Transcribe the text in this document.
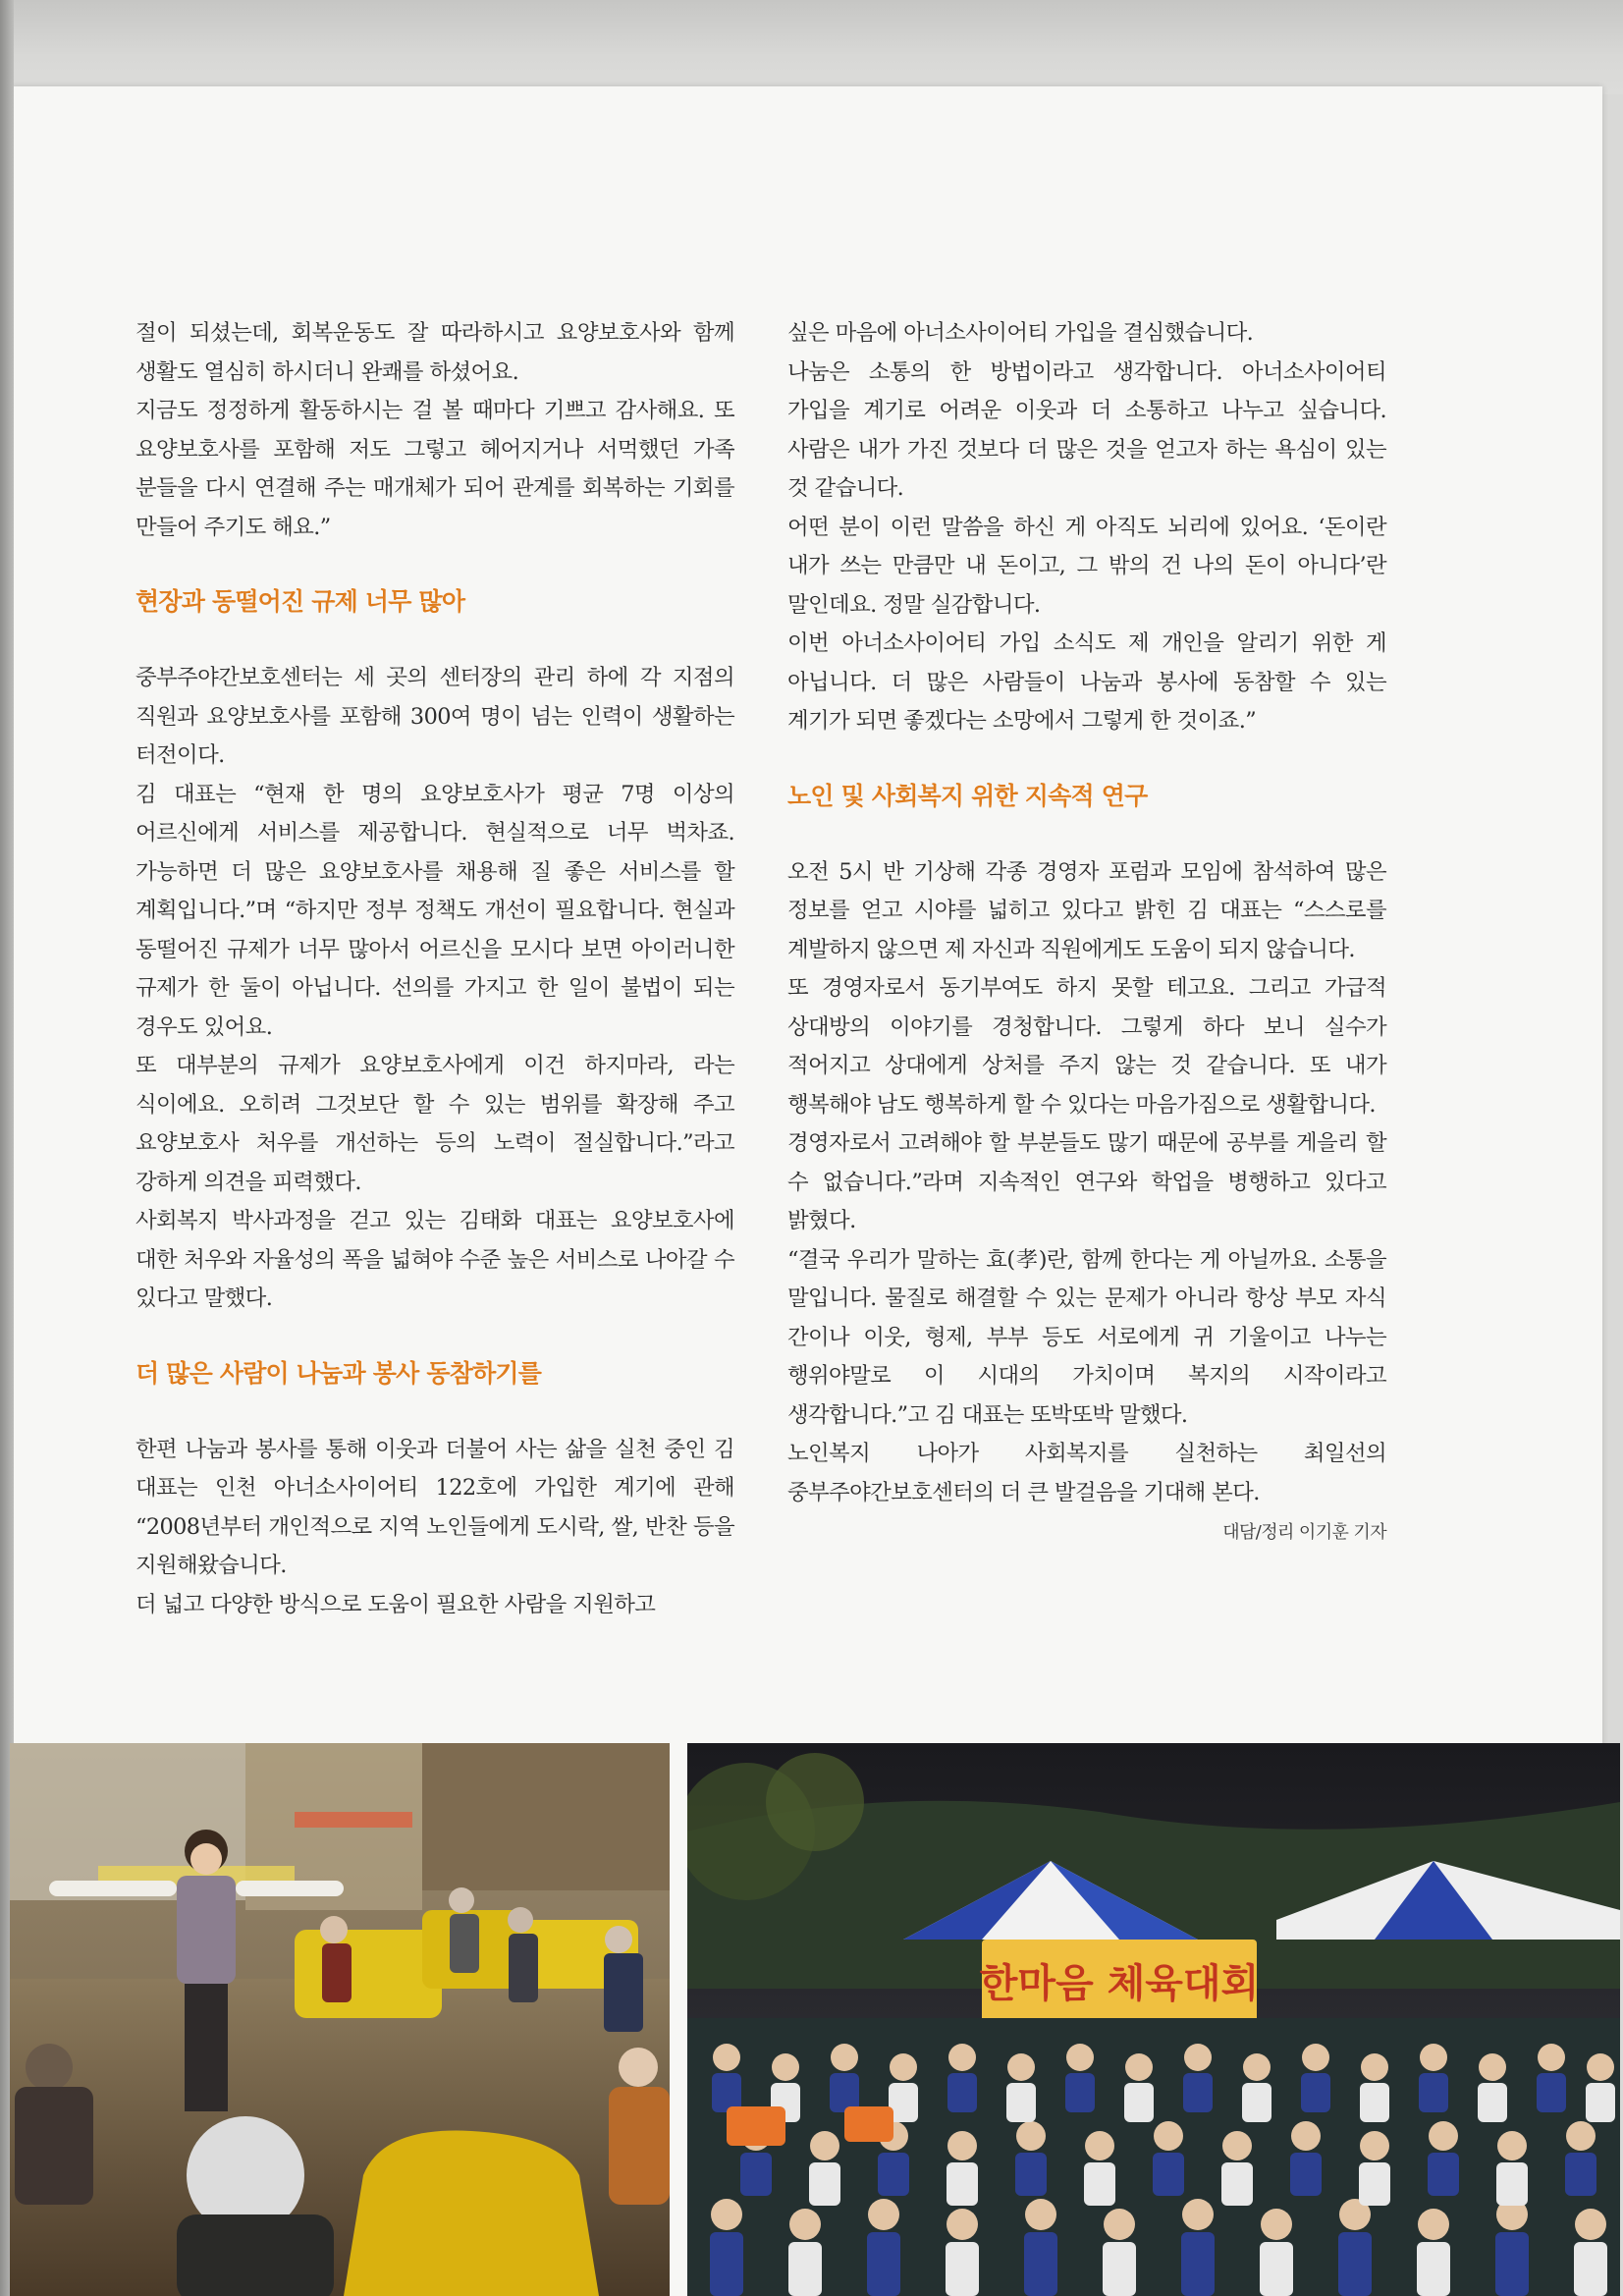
절이 되셨는데, 회복운동도 잘 따라하시고 요양보호사와 함께 생활도 열심히 하시더니 완쾌를 하셨어요.

지금도 정정하게 활동하시는 걸 볼 때마다 기쁘고 감사해요. 또 요양보호사를 포함해 저도 그렇고 헤어지거나 서먹했던 가족 분들을 다시 연결해 주는 매개체가 되어 관계를 회복하는 기회를 만들어 주기도 해요.”

현장과 동떨어진 규제 너무 많아

중부주야간보호센터는 세 곳의 센터장의 관리 하에 각 지점의 직원과 요양보호사를 포함해 300여 명이 넘는 인력이 생활하는 터전이다.

김 대표는 “현재 한 명의 요양보호사가 평균 7명 이상의 어르신에게 서비스를 제공합니다. 현실적으로 너무 벅차죠. 가능하면 더 많은 요양보호사를 채용해 질 좋은 서비스를 할 계획입니다.”며 “하지만 정부 정책도 개선이 필요합니다. 현실과 동떨어진 규제가 너무 많아서 어르신을 모시다 보면 아이러니한 규제가 한 둘이 아닙니다. 선의를 가지고 한 일이 불법이 되는 경우도 있어요.

또 대부분의 규제가 요양보호사에게 이건 하지마라, 라는 식이에요. 오히려 그것보단 할 수 있는 범위를 확장해 주고 요양보호사 처우를 개선하는 등의 노력이 절실합니다.”라고 강하게 의견을 피력했다.

사회복지 박사과정을 걷고 있는 김태화 대표는 요양보호사에 대한 처우와 자율성의 폭을 넓혀야 수준 높은 서비스로 나아갈 수 있다고 말했다.

더 많은 사람이 나눔과 봉사 동참하기를

한편 나눔과 봉사를 통해 이웃과 더불어 사는 삶을 실천 중인 김 대표는 인천 아너소사이어티 122호에 가입한 계기에 관해 “2008년부터 개인적으로 지역 노인들에게 도시락, 쌀, 반찬 등을 지원해왔습니다.

더 넓고 다양한 방식으로 도움이 필요한 사람을 지원하고

싶은 마음에 아너소사이어티 가입을 결심했습니다.

나눔은 소통의 한 방법이라고 생각합니다. 아너소사이어티 가입을 계기로 어려운 이웃과 더 소통하고 나누고 싶습니다. 사람은 내가 가진 것보다 더 많은 것을 얻고자 하는 욕심이 있는 것 같습니다.

어떤 분이 이런 말씀을 하신 게 아직도 뇌리에 있어요. ‘돈이란 내가 쓰는 만큼만 내 돈이고, 그 밖의 건 나의 돈이 아니다’란 말인데요. 정말 실감합니다.

이번 아너소사이어티 가입 소식도 제 개인을 알리기 위한 게 아닙니다. 더 많은 사람들이 나눔과 봉사에 동참할 수 있는 계기가 되면 좋겠다는 소망에서 그렇게 한 것이죠.”

노인 및 사회복지 위한 지속적 연구

오전 5시 반 기상해 각종 경영자 포럼과 모임에 참석하여 많은 정보를 얻고 시야를 넓히고 있다고 밝힌 김 대표는 “스스로를 계발하지 않으면 제 자신과 직원에게도 도움이 되지 않습니다.

또 경영자로서 동기부여도 하지 못할 테고요. 그리고 가급적 상대방의 이야기를 경청합니다. 그렇게 하다 보니 실수가 적어지고 상대에게 상처를 주지 않는 것 같습니다. 또 내가 행복해야 남도 행복하게 할 수 있다는 마음가짐으로 생활합니다.

경영자로서 고려해야 할 부분들도 많기 때문에 공부를 게을리 할 수 없습니다.”라며 지속적인 연구와 학업을 병행하고 있다고 밝혔다.

“결국 우리가 말하는 효(孝)란, 함께 한다는 게 아닐까요. 소통을 말입니다. 물질로 해결할 수 있는 문제가 아니라 항상 부모 자식 간이나 이웃, 형제, 부부 등도 서로에게 귀 기울이고 나누는 행위야말로 이 시대의 가치이며 복지의 시작이라고 생각합니다.”고 김 대표는 또박또박 말했다.

노인복지 나아가 사회복지를 실천하는 최일선의 중부주야간보호센터의 더 큰 발걸음을 기대해 본다.

대담/정리 이기훈 기자
한마음 체육대회
